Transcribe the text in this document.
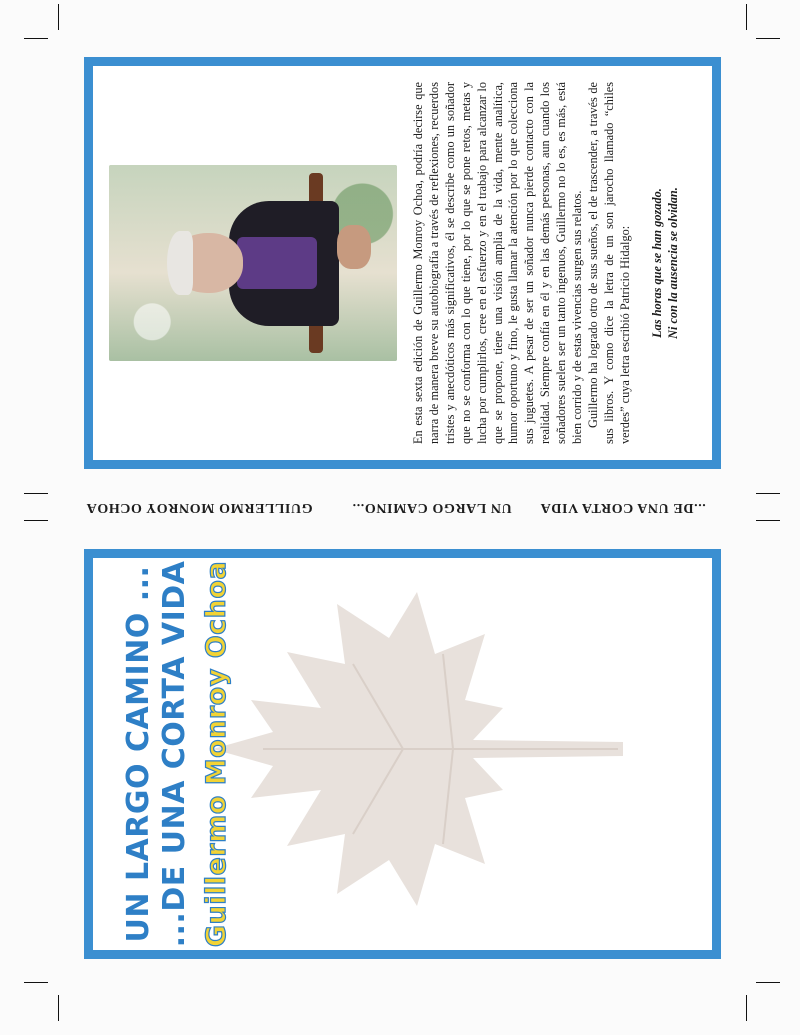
GUILLERMO MONROY OCHOA	UN LARGO CAMINO... ...DE UNA CORTA VIDA

En esta sexta edición de Guillermo Monroy Ochoa, podría decirse que narra de manera breve su autobiografía a través de reflexiones, recuerdos tristes y anecdóticos más significativos, él se describe como un soñador que no se conforma con lo que tiene, por lo que se pone retos, metas y lucha por cumplirlos, cree en el esfuerzo y en el trabajo para alcanzar lo que se propone, tiene una visión amplia de la vida, mente analítica, humor oportuno y fino, le gusta llamar la atención por lo que colecciona sus juguetes. A pesar de ser un soñador nunca pierde contacto con la realidad. Siempre confía en él y en las demás personas, aun cuando los soñadores suelen ser un tanto ingenuos, Guillermo no lo es, es más, está bien corrido y de estas vivencias surgen sus relatos. Guillermo ha logrado otro de sus sueños, el de trascender, a través de sus libros. Y como dice la letra de un son jarocho llamado “chiles verdes” cuya letra escribió Patricio Hidalgo: Las horas que se han gozado. Ni con la ausencia se olvidan.
UN LARGO CAMINO ... ...DE UNA CORTA VIDA Guillermo Monroy Ochoa
